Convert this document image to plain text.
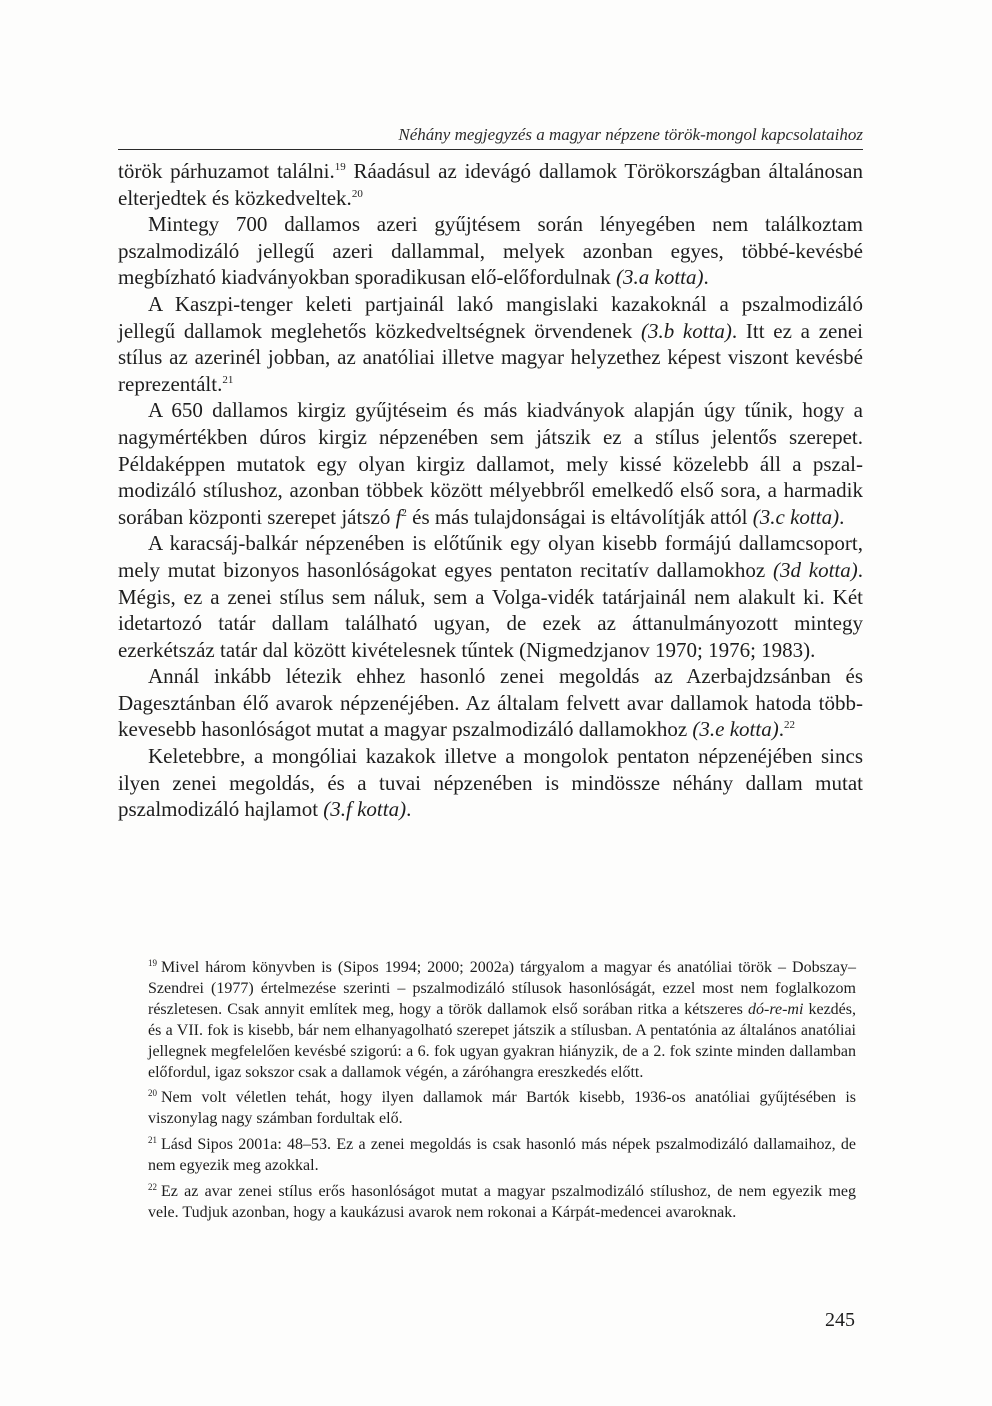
Néhány megjegyzés a magyar népzene török-mongol kapcsolataihoz

török párhuzamot találni.$^{19}$ Ráadásul az idevágó dallamok Törökországban általánosan elterjedtek és közkedveltek.$^{20}$

Mintegy 700 dallamos azeri gyűjtésem során lényegében nem találkoztam pszalmodizáló jellegű azeri dallammal, melyek azonban egyes, többé-kevésbé megbízható kiadványokban sporadikusan elő-előfordulnak (3.a kotta).

A Kaszpi-tenger keleti partjainál lakó mangislaki kazakoknál a pszalmodizáló jellegű dallamok meglehetős közkedveltségnek örvendenek (3.b kotta). Itt ez a zenei stílus az azerinél jobban, az anatóliai illetve magyar helyzethez képest viszont kevésbé reprezentált.$^{21}$

A 650 dallamos kirgiz gyűjtéseim és más kiadványok alapján úgy tűnik, hogy a nagymértékben dúros kirgiz népzenében sem játszik ez a stílus jelentős szerepet. Példaképpen mutatok egy olyan kirgiz dallamot, mely kissé közelebb áll a pszalmodizáló stílushoz, azonban többek között mélyebbről emelkedő első sora, a harmadik sorában központi szerepet játszó $f^2$ és más tulajdonságai is eltávolítják attól (3.c kotta).

A karacsáj-balkár népzenében is előtűnik egy olyan kisebb formájú dallamcsoport, mely mutat bizonyos hasonlóságokat egyes pentaton recitatív dallamokhoz (3d kotta). Mégis, ez a zenei stílus sem náluk, sem a Volga-vidék tatárjainál nem alakult ki. Két idetartozó tatár dallam található ugyan, de ezek az áttanulmányozott mintegy ezerkétszáz tatár dal között kivételesnek tűntek (Nigmedzjanov 1970; 1976; 1983).

Annál inkább létezik ehhez hasonló zenei megoldás az Azerbajdzsánban és Dagesztánban élő avarok népzenéjében. Az általam felvett avar dallamok hatoda több-kevesebb hasonlóságot mutat a magyar pszalmodizáló dallamokhoz (3.e kotta).$^{22}$

Keletebbre, a mongóliai kazakok illetve a mongolok pentaton népzenéjében sincs ilyen zenei megoldás, és a tuvai népzenében is mindössze néhány dallam mutat pszalmodizáló hajlamot (3.f kotta).

$^{19}$ Mivel három könyvben is (Sipos 1994; 2000; 2002a) tárgyalom a magyar és anatóliai török – Dobszay–Szendrei (1977) értelmezése szerinti – pszalmodizáló stílusok hasonlóságát, ezzel most nem foglalkozom részletesen. Csak annyit említek meg, hogy a török dallamok első sorában ritka a kétszeres dó-re-mi kezdés, és a VII. fok is kisebb, bár nem elhanyagolható szerepet játszik a stílusban. A pentatónia az általános anatóliai jellegnek megfelelően kevésbé szigorú: a 6. fok ugyan gyakran hiányzik, de a 2. fok szinte minden dallamban előfordul, igaz sokszor csak a dallamok végén, a záróhangra ereszkedés előtt.

$^{20}$ Nem volt véletlen tehát, hogy ilyen dallamok már Bartók kisebb, 1936-os anatóliai gyűjtésében is viszonylag nagy számban fordultak elő.

$^{21}$ Lásd Sipos 2001a: 48–53. Ez a zenei megoldás is csak hasonló más népek pszalmodizáló dallamaihoz, de nem egyezik meg azokkal.

$^{22}$ Ez az avar zenei stílus erős hasonlóságot mutat a magyar pszalmodizáló stílushoz, de nem egyezik meg vele. Tudjuk azonban, hogy a kaukázusi avarok nem rokonai a Kárpát-medencei avaroknak.

245
